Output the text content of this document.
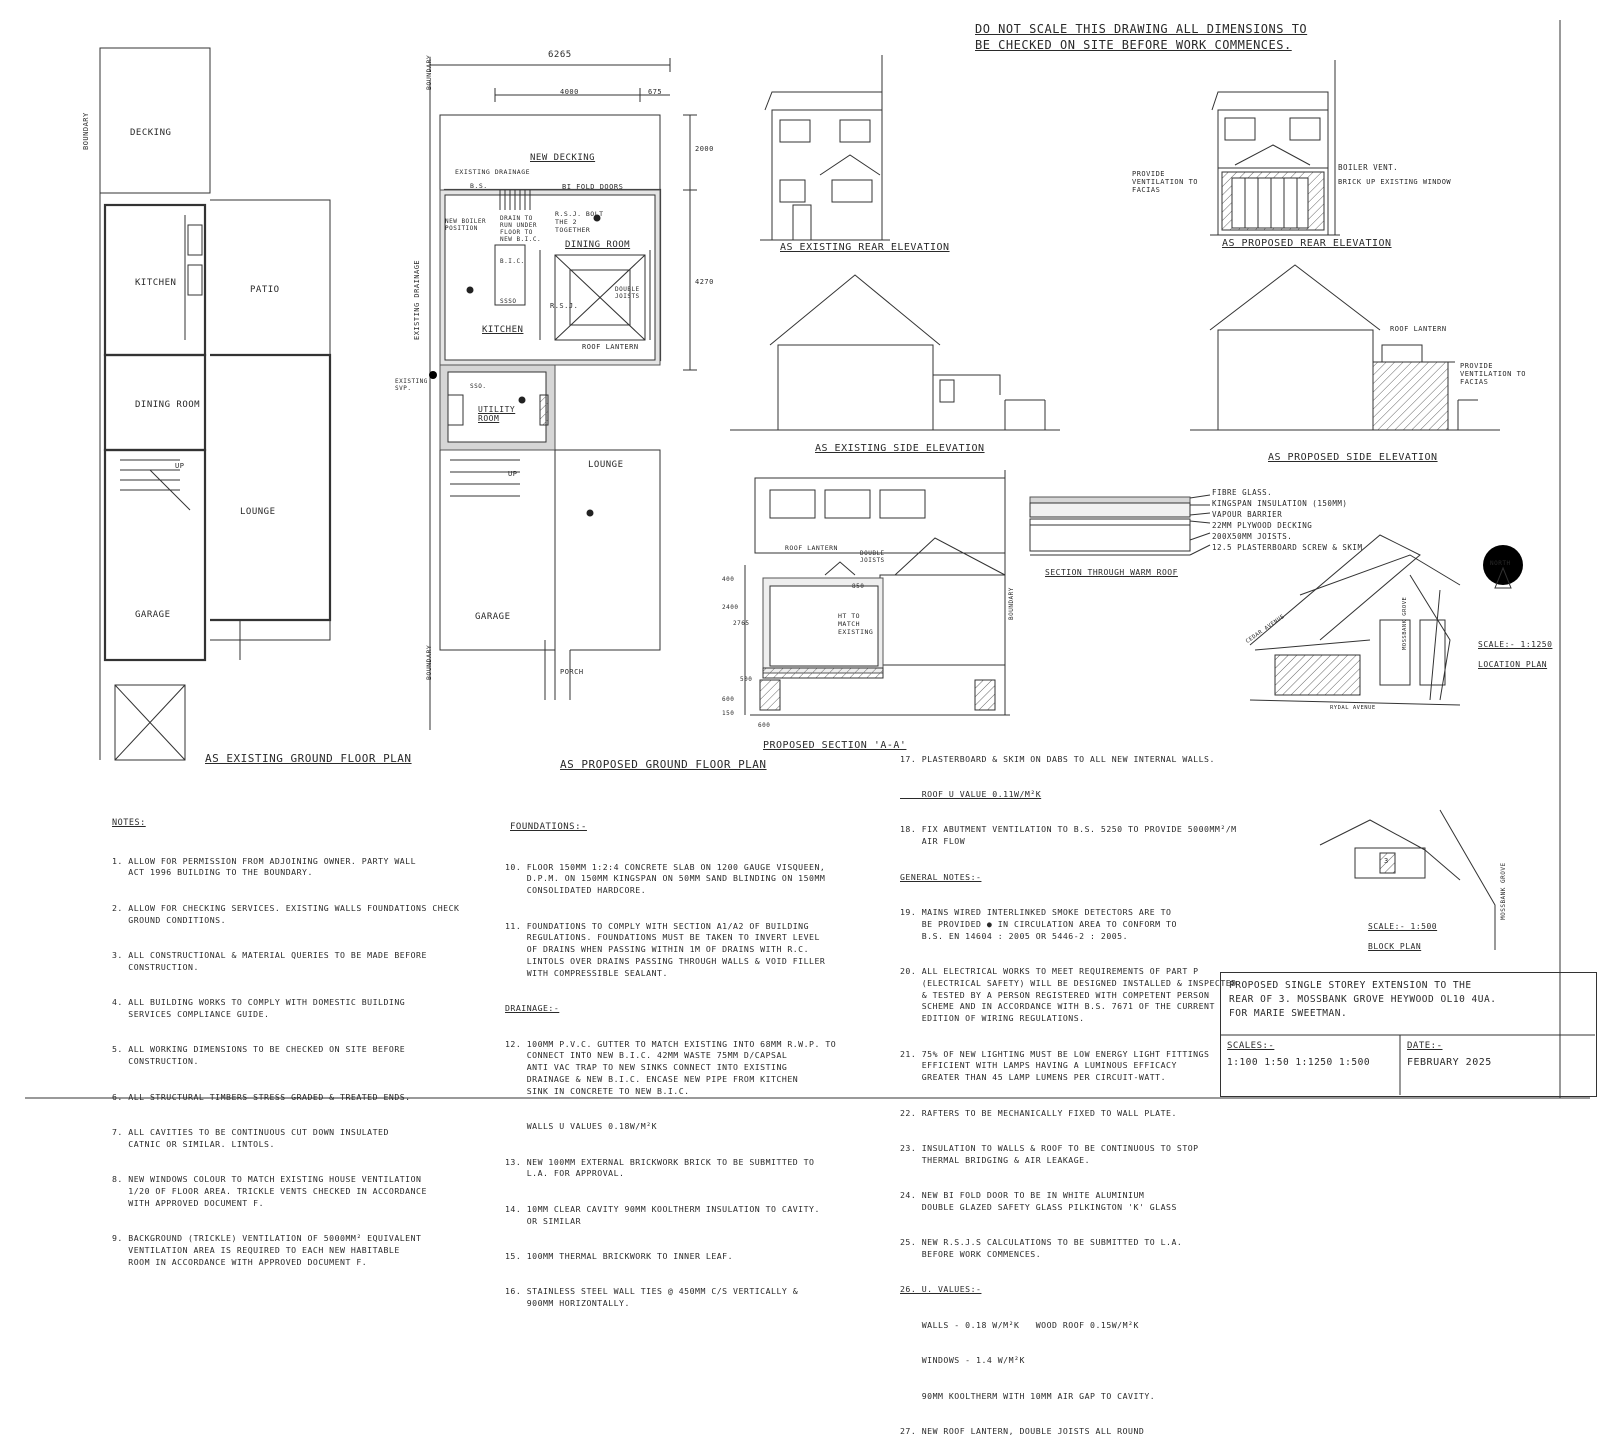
DO NOT SCALE THIS DRAWING ALL DIMENSIONS TO
BE CHECKED ON SITE BEFORE WORK COMMENCES.
DECKING
KITCHEN
PATIO
DINING ROOM
LOUNGE
GARAGE
UP
BOUNDARY
AS EXISTING GROUND FLOOR PLAN
6265
4000	675
2000
4270
NEW DECKING
EXISTING DRAINAGE
B.S.
NEW BOILER POSITION
BI FOLD DOORS
DRAIN TO RUN UNDER FLOOR TO NEW B.I.C.
R.S.J. BOLT THE 2 TOGETHER
DINING ROOM
B.I.C.
SSSO
R.S.J.
DOUBLE JOISTS
KITCHEN
ROOF LANTERN
EXISTING SVP.	SSO.
UTILITY ROOM
LOUNGE
UP
GARAGE
PORCH
BOUNDARY
EXISTING DRAINAGE
BOUNDARY
AS PROPOSED GROUND FLOOR PLAN
AS EXISTING REAR ELEVATION	AS PROPOSED REAR ELEVATION
PROVIDE VENTILATION TO FACIAS
BOILER VENT.
BRICK UP EXISTING WINDOW
AS EXISTING SIDE ELEVATION
AS PROPOSED SIDE ELEVATION
ROOF LANTERN
PROVIDE VENTILATION TO FACIAS
ROOF LANTERN
DOUBLE JOISTS
HT TO MATCH EXISTING
BOUNDARY
400
2400
2765
850
500
600
150
600
PROPOSED SECTION 'A-A'
FIBRE GLASS.
KINGSPAN INSULATION (150MM)
VAPOUR BARRIER
22MM PLYWOOD DECKING
200X50MM JOISTS.
12.5 PLASTERBOARD SCREW & SKIM
SECTION THROUGH WARM ROOF
NORTH
CEDAR AVENUE	MOSSBANK GROVE
RYDAL AVENUE
SCALE:- 1:1250
LOCATION PLAN
3
MOSSBANK GROVE
SCALE:- 1:500
BLOCK PLAN
NOTES:

1. ALLOW FOR PERMISSION FROM ADJOINING OWNER. PARTY WALL
ACT 1996 BUILDING TO THE BOUNDARY.

2. ALLOW FOR CHECKING SERVICES. EXISTING WALLS FOUNDATIONS CHECK
GROUND CONDITIONS.

3. ALL CONSTRUCTIONAL & MATERIAL QUERIES TO BE MADE BEFORE
CONSTRUCTION.

4. ALL BUILDING WORKS TO COMPLY WITH DOMESTIC BUILDING
SERVICES COMPLIANCE GUIDE.

5. ALL WORKING DIMENSIONS TO BE CHECKED ON SITE BEFORE
CONSTRUCTION.

6. ALL STRUCTURAL TIMBERS STRESS GRADED & TREATED ENDS.

7. ALL CAVITIES TO BE CONTINUOUS CUT DOWN INSULATED
CATNIC OR SIMILAR. LINTOLS.

8. NEW WINDOWS COLOUR TO MATCH EXISTING HOUSE VENTILATION
1/20 OF FLOOR AREA. TRICKLE VENTS CHECKED IN ACCORDANCE
WITH APPROVED DOCUMENT F.

9. BACKGROUND (TRICKLE) VENTILATION OF 5000MM² EQUIVALENT
VENTILATION AREA IS REQUIRED TO EACH NEW HABITABLE
ROOM IN ACCORDANCE WITH APPROVED DOCUMENT F.

FOUNDATIONS:-

10. FLOOR 150MM 1:2:4 CONCRETE SLAB ON 1200 GAUGE VISQUEEN,
D.P.M. ON 150MM KINGSPAN ON 50MM SAND BLINDING ON 150MM
CONSOLIDATED HARDCORE.

11. FOUNDATIONS TO COMPLY WITH SECTION A1/A2 OF BUILDING
REGULATIONS. FOUNDATIONS MUST BE TAKEN TO INVERT LEVEL
OF DRAINS WHEN PASSING WITHIN 1M OF DRAINS WITH R.C.
LINTOLS OVER DRAINS PASSING THROUGH WALLS & VOID FILLER
WITH COMPRESSIBLE SEALANT.

DRAINAGE:-

12. 100MM P.V.C. GUTTER TO MATCH EXISTING INTO 68MM R.W.P. TO
CONNECT INTO NEW B.I.C. 42MM WASTE 75MM D/CAPSAL
ANTI VAC TRAP TO NEW SINKS CONNECT INTO EXISTING
DRAINAGE & NEW B.I.C. ENCASE NEW PIPE FROM KITCHEN
SINK IN CONCRETE TO NEW B.I.C.

WALLS U VALUES 0.18W/M²K

13. NEW 100MM EXTERNAL BRICKWORK BRICK TO BE SUBMITTED TO
L.A. FOR APPROVAL.

14. 10MM CLEAR CAVITY 90MM KOOLTHERM INSULATION TO CAVITY.
OR SIMILAR

15. 100MM THERMAL BRICKWORK TO INNER LEAF.

16. STAINLESS STEEL WALL TIES @ 450MM C/S VERTICALLY &
900MM HORIZONTALLY.

17. PLASTERBOARD & SKIM ON DABS TO ALL NEW INTERNAL WALLS.

ROOF U VALUE 0.11W/M²K

18. FIX ABUTMENT VENTILATION TO B.S. 5250 TO PROVIDE 5000MM²/M
AIR FLOW

GENERAL NOTES:-

19. MAINS WIRED INTERLINKED SMOKE DETECTORS ARE TO
BE PROVIDED ● IN CIRCULATION AREA TO CONFORM TO
B.S. EN 14604 : 2005 OR 5446-2 : 2005.

20. ALL ELECTRICAL WORKS TO MEET REQUIREMENTS OF PART P
(ELECTRICAL SAFETY) WILL BE DESIGNED INSTALLED & INSPECTED
& TESTED BY A PERSON REGISTERED WITH COMPETENT PERSON
SCHEME AND IN ACCORDANCE WITH B.S. 7671 OF THE CURRENT
EDITION OF WIRING REGULATIONS.

21. 75% OF NEW LIGHTING MUST BE LOW ENERGY LIGHT FITTINGS
EFFICIENT WITH LAMPS HAVING A LUMINOUS EFFICACY
GREATER THAN 45 LAMP LUMENS PER CIRCUIT-WATT.

22. RAFTERS TO BE MECHANICALLY FIXED TO WALL PLATE.

23. INSULATION TO WALLS & ROOF TO BE CONTINUOUS TO STOP
THERMAL BRIDGING & AIR LEAKAGE.

24. NEW BI FOLD DOOR TO BE IN WHITE ALUMINIUM
DOUBLE GLAZED SAFETY GLASS PILKINGTON 'K' GLASS

25. NEW R.S.J.S CALCULATIONS TO BE SUBMITTED TO L.A.
BEFORE WORK COMMENCES.

26. U. VALUES:-

WALLS - 0.18 W/M²K   WOOD ROOF 0.15W/M²K

WINDOWS - 1.4 W/M²K

90MM KOOLTHERM WITH 10MM AIR GAP TO CAVITY.

27. NEW ROOF LANTERN, DOUBLE JOISTS ALL ROUND

PROPOSED SINGLE STOREY EXTENSION TO THE
REAR OF 3. MOSSBANK GROVE HEYWOOD OL10 4UA.
FOR MARIE SWEETMAN.
SCALES:-
1:100 1:50 1:1250 1:500
DATE:-
FEBRUARY 2025
